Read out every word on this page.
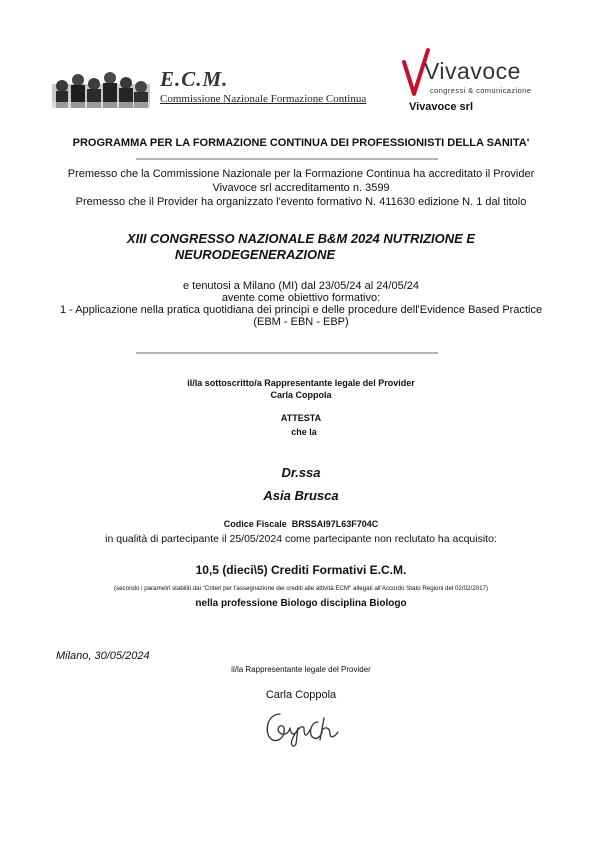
E.C.M.
Commissione Nazionale Formazione Continua
Vivavoce
congressi & comunicazione
Vivavoce srl
PROGRAMMA PER LA FORMAZIONE CONTINUA DEI PROFESSIONISTI DELLA SANITA'
Premesso che la Commissione Nazionale per la Formazione Continua ha accreditato il Provider
Vivavoce srl accreditamento n. 3599
Premesso che il Provider ha organizzato l'evento formativo N. 411630 edizione N. 1 dal titolo
XIII CONGRESSO NAZIONALE B&M 2024 NUTRIZIONE E
NEURODEGENERAZIONE
e tenutosi a Milano (MI) dal 23/05/24 al 24/05/24
avente come obiettivo formativo:
1 - Applicazione nella pratica quotidiana dei principi e delle procedure dell'Evidence Based Practice
(EBM - EBN - EBP)
il/la sottoscritto/a Rappresentante legale del Provider
Carla Coppola
ATTESTA
che la
Dr.ssa
Asia Brusca
Codice Fiscale BRSSAI97L63F704C
in qualità di partecipante il 25/05/2024 come partecipante non reclutato ha acquisito:
10,5 (dieci\5) Crediti Formativi E.C.M.
(secondo i parametri stabiliti dai "Criteri per l'assegnazione dei crediti alle attività ECM" allegati all'Accordo Stato Regioni del 02/02/2017)
nella professione Biologo disciplina Biologo
Milano, 30/05/2024
il/la Rappresentante legale del Provider
Carla Coppola
